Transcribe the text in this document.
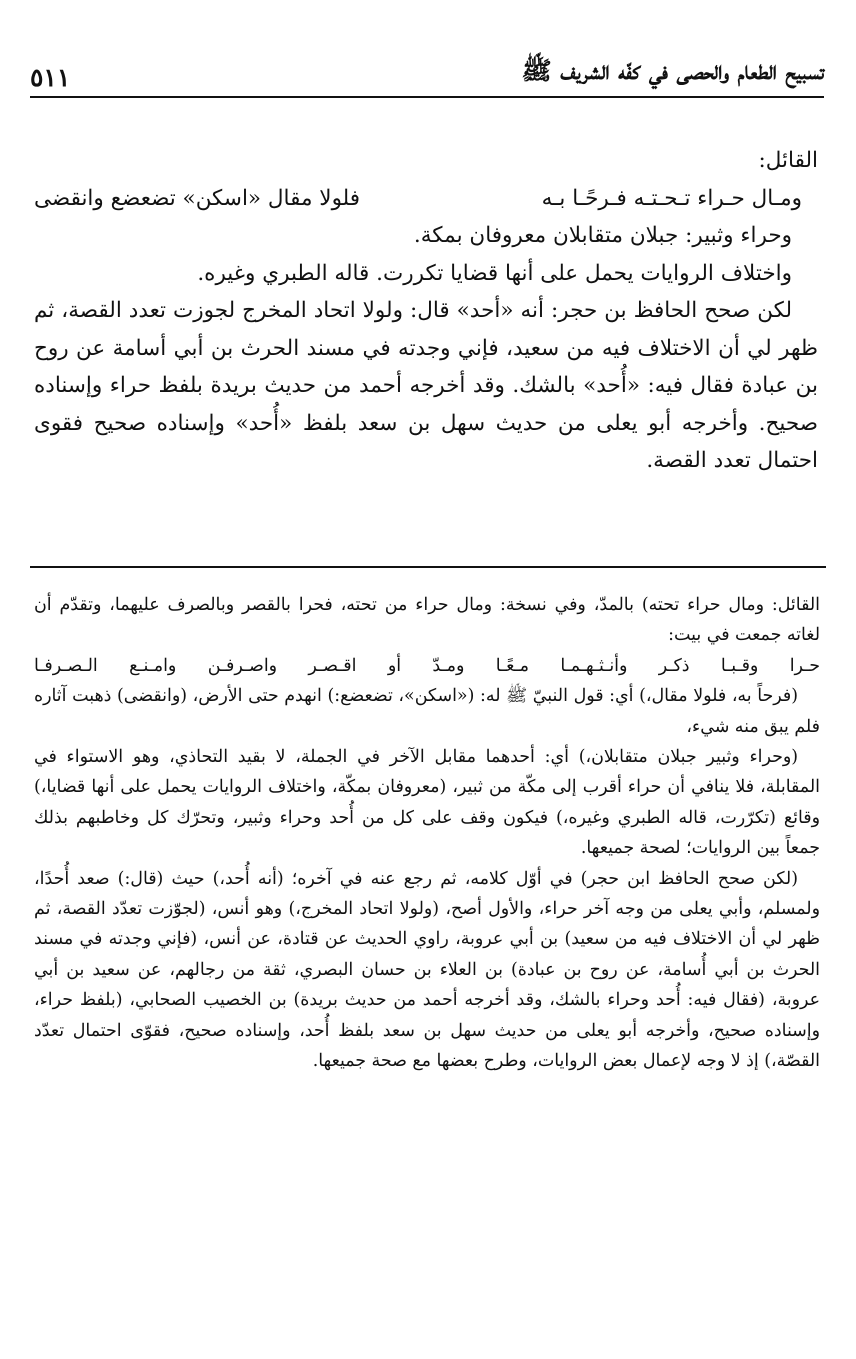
تسبيح الطعام والحصى في كفّه الشريف ﷺ
٥١١

القائل:

ومـال حـراء تـحـتـه فـرحًـا بـه
فلولا مقال «اسكن» تضعضع وانقضى

وحراء وثبير: جبلان متقابلان معروفان بمكة.

واختلاف الروايات يحمل على أنها قضايا تكررت. قاله الطبري وغيره.

لكن صحح الحافظ بن حجر: أنه «أحد» قال: ولولا اتحاد المخرج لجوزت تعدد القصة، ثم ظهر لي أن الاختلاف فيه من سعيد، فإني وجدته في مسند الحرث بن أبي أسامة عن روح بن عبادة فقال فيه: «أُحد» بالشك. وقد أخرجه أحمد من حديث بريدة بلفظ حراء وإسناده صحيح. وأخرجه أبو يعلى من حديث سهل بن سعد بلفظ «أُحد» وإسناده صحيح فقوى احتمال تعدد القصة.

القائل: ومال حراء تحته) بالمدّ، وفي نسخة: ومال حراء من تحته، فحرا بالقصر وبالصرف عليهما، وتقدّم أن لغاته جمعت في بيت:

حـرا وقـبـا ذكـر وأنـثـهـمـا مـعًـا ومـدّ أو اقـصـر واصـرفـن وامـنـع الـصـرفـا

(فرحاً به، فلولا مقال،) أي: قول النبيّ ﷺ له: («اسكن»، تضعضع:) انهدم حتى الأرض، (وانقضى) ذهبت آثاره فلم يبق منه شيء،

(وحراء وثبير جبلان متقابلان،) أي: أحدهما مقابل الآخر في الجملة، لا بقيد التحاذي، وهو الاستواء في المقابلة، فلا ينافي أن حراء أقرب إلى مكّة من ثبير، (معروفان بمكّة، واختلاف الروايات يحمل على أنها قضايا،) وقائع (تكرّرت، قاله الطبري وغيره،) فيكون وقف على كل من أُحد وحراء وثبير، وتحرّك كل وخاطبهم بذلك جمعاً بين الروايات؛ لصحة جميعها.

(لكن صحح الحافظ ابن حجر) في أوّل كلامه، ثم رجع عنه في آخره؛ (أنه أُحد،) حيث (قال:) صعد أُحدًا، ولمسلم، وأبي يعلى من وجه آخر حراء، والأول أصح، (ولولا اتحاد المخرج،) وهو أنس، (لجوّزت تعدّد القصة، ثم ظهر لي أن الاختلاف فيه من سعيد) بن أبي عروبة، راوي الحديث عن قتادة، عن أنس، (فإني وجدته في مسند الحرث بن أبي أُسامة، عن روح بن عبادة) بن العلاء بن حسان البصري، ثقة من رجالهم، عن سعيد بن أبي عروبة، (فقال فيه: أُحد وحراء بالشك، وقد أخرجه أحمد من حديث بريدة) بن الخصيب الصحابي، (بلفظ حراء، وإسناده صحيح، وأخرجه أبو يعلى من حديث سهل بن سعد بلفظ أُحد، وإسناده صحيح، فقوّى احتمال تعدّد القصّة،) إذ لا وجه لإعمال بعض الروايات، وطرح بعضها مع صحة جميعها.
